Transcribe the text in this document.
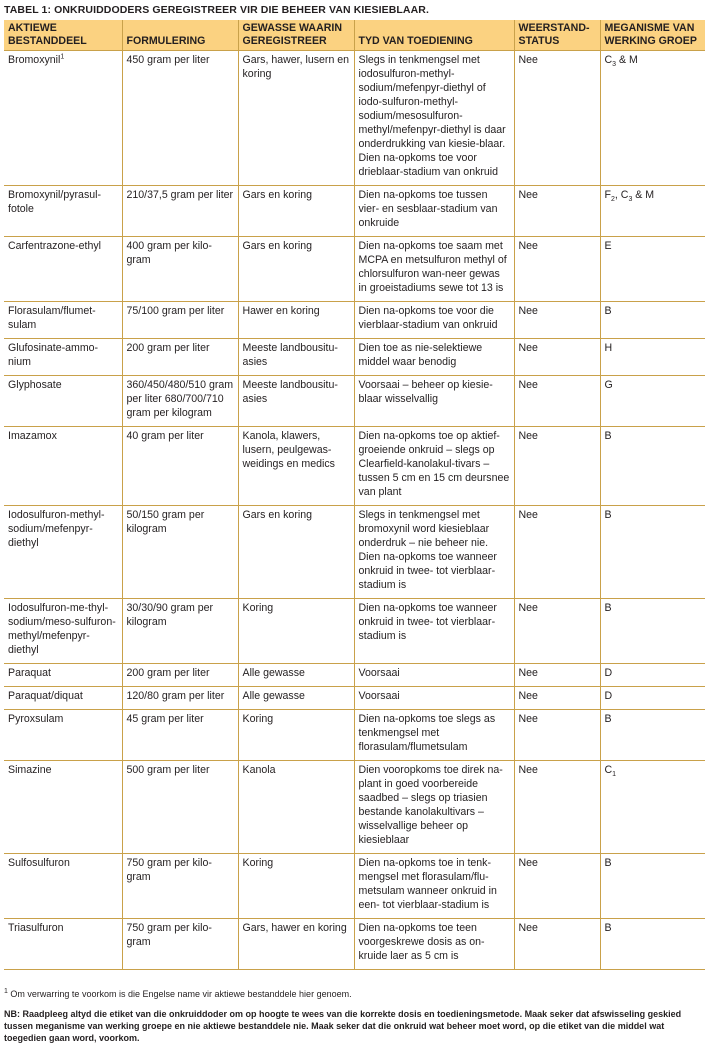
TABEL 1: ONKRUIDDODERS GEREGISTREER VIR DIE BEHEER VAN KIESIEBLAAR.
AKTIEWE BESTANDDEEL	FORMULERING	GEWASSE WAARIN GEREGISTREER	TYD VAN TOEDIENING	WEERSTAND-STATUS	MEGANISME VAN WERKING GROEP
Bromoxynil$^1$	450 gram per liter	Gars, hawer, lusern en koring	Slegs in tenkmengsel met iodosulfuron-methyl-sodium/mefenpyr-diethyl of iodo-sulfuron-methyl-sodium/mesosulfuron-methyl/mefenpyr-diethyl is daar onderdrukking van kiesie-blaar. Dien na-opkoms toe voor drieblaar-stadium van onkruid	Nee	$C_3$ & M
Bromoxynil/pyrasul-fotole	210/37,5 gram per liter	Gars en koring	Dien na-opkoms toe tussen vier- en sesblaar-stadium van onkruide	Nee	$F_2$, $C_3$ & M
Carfentrazone-ethyl	400 gram per kilo-gram	Gars en koring	Dien na-opkoms toe saam met MCPA en metsulfuron methyl of chlorsulfuron wan-neer gewas in groeistadiums sewe tot 13 is	Nee	E
Florasulam/flumet-sulam	75/100 gram per liter	Hawer en koring	Dien na-opkoms toe voor die vierblaar-stadium van onkruid	Nee	B
Glufosinate-ammo-nium	200 gram per liter	Meeste landbousitu-asies	Dien toe as nie-selektiewe middel waar benodig	Nee	H
Glyphosate	360/450/480/510 gram per liter 680/700/710 gram per kilogram	Meeste landbousitu-asies	Voorsaai – beheer op kiesie-blaar wisselvallig	Nee	G
Imazamox	40 gram per liter	Kanola, klawers, lusern, peulgewas-weidings en medics	Dien na-opkoms toe op aktief-groeiende onkruid – slegs op Clearfield-kanolakul-tivars – tussen 5 cm en 15 cm deursnee van plant	Nee	B
Iodosulfuron-methyl-sodium/mefenpyr-diethyl	50/150 gram per kilogram	Gars en koring	Slegs in tenkmengsel met bromoxynil word kiesieblaar onderdruk – nie beheer nie. Dien na-opkoms toe wanneer onkruid in twee- tot vierblaar-stadium is	Nee	B
Iodosulfuron-me-thyl-sodium/meso-sulfuron-methyl/mefenpyr-diethyl	30/30/90 gram per kilogram	Koring	Dien na-opkoms toe wanneer onkruid in twee- tot vierblaar-stadium is	Nee	B
Paraquat	200 gram per liter	Alle gewasse	Voorsaai	Nee	D
Paraquat/diquat	120/80 gram per liter	Alle gewasse	Voorsaai	Nee	D
Pyroxsulam	45 gram per liter	Koring	Dien na-opkoms toe slegs as tenkmengsel met florasulam/flumetsulam	Nee	B
Simazine	500 gram per liter	Kanola	Dien vooropkoms toe direk na-plant in goed voorbereide saadbed – slegs op triasien bestande kanolakultivars – wisselvallige beheer op kiesieblaar	Nee	$C_1$
Sulfosulfuron	750 gram per kilo-gram	Koring	Dien na-opkoms toe in tenk-mengsel met florasulam/flu-metsulam wanneer onkruid in een- tot vierblaar-stadium is	Nee	B
Triasulfuron	750 gram per kilo-gram	Gars, hawer en koring	Dien na-opkoms toe teen voorgeskrewe dosis as on-kruide laer as 5 cm is	Nee	B
$^1$ Om verwarring te voorkom is die Engelse name vir aktiewe bestanddele hier genoem.
NB: Raadpleeg altyd die etiket van die onkruiddoder om op hoogte te wees van die korrekte dosis en toedieningsmetode. Maak seker dat afswisseling geskied tussen meganisme van werking groepe en nie aktiewe bestanddele nie. Maak seker dat die onkruid wat beheer moet word, op die etiket van die middel wat toegedien gaan word, voorkom.
